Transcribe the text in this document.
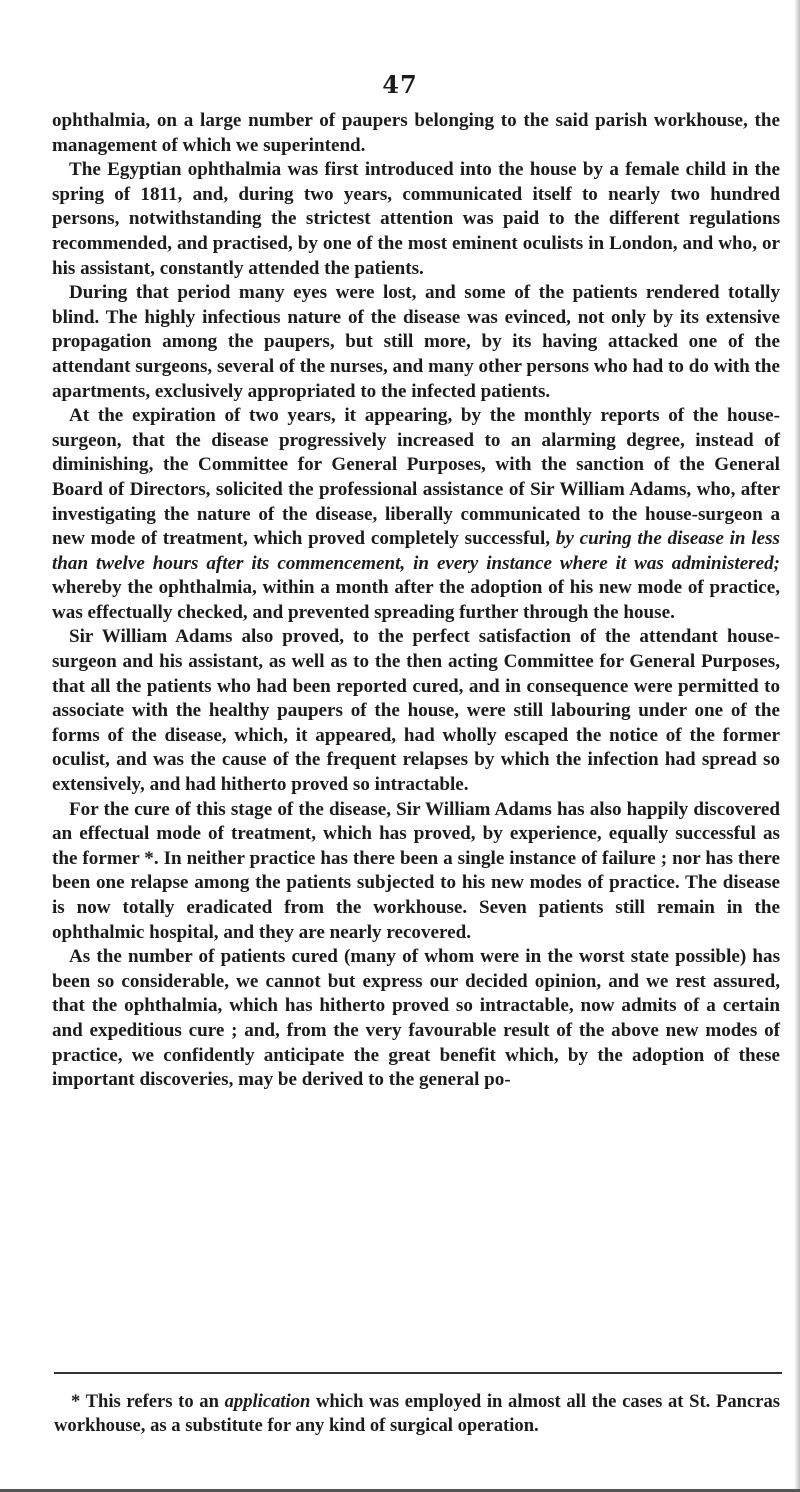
47

ophthalmia, on a large number of paupers belonging to the said parish workhouse, the management of which we superintend.

The Egyptian ophthalmia was first introduced into the house by a female child in the spring of 1811, and, during two years, communicated itself to nearly two hundred persons, notwithstanding the strictest attention was paid to the different regulations recommended, and practised, by one of the most eminent oculists in London, and who, or his assistant, constantly attended the patients.

During that period many eyes were lost, and some of the patients rendered totally blind. The highly infectious nature of the disease was evinced, not only by its extensive propagation among the paupers, but still more, by its having attacked one of the attendant surgeons, several of the nurses, and many other persons who had to do with the apartments, exclusively appropriated to the infected patients.

At the expiration of two years, it appearing, by the monthly reports of the house-surgeon, that the disease progressively increased to an alarming degree, instead of diminishing, the Committee for General Purposes, with the sanction of the General Board of Directors, solicited the professional assistance of Sir William Adams, who, after investigating the nature of the disease, liberally communicated to the house-surgeon a new mode of treatment, which proved completely successful, by curing the disease in less than twelve hours after its commencement, in every instance where it was administered; whereby the ophthalmia, within a month after the adoption of his new mode of practice, was effectually checked, and prevented spreading further through the house.

Sir William Adams also proved, to the perfect satisfaction of the attendant house-surgeon and his assistant, as well as to the then acting Committee for General Purposes, that all the patients who had been reported cured, and in consequence were permitted to associate with the healthy paupers of the house, were still labouring under one of the forms of the disease, which, it appeared, had wholly escaped the notice of the former oculist, and was the cause of the frequent relapses by which the infection had spread so extensively, and had hitherto proved so intractable.

For the cure of this stage of the disease, Sir William Adams has also happily discovered an effectual mode of treatment, which has proved, by experience, equally successful as the former *. In neither practice has there been a single instance of failure ; nor has there been one relapse among the patients subjected to his new modes of practice. The disease is now totally eradicated from the workhouse. Seven patients still remain in the ophthalmic hospital, and they are nearly recovered.

As the number of patients cured (many of whom were in the worst state possible) has been so considerable, we cannot but express our decided opinion, and we rest assured, that the ophthalmia, which has hitherto proved so intractable, now admits of a certain and expeditious cure ; and, from the very favourable result of the above new modes of practice, we confidently anticipate the great benefit which, by the adoption of these important discoveries, may be derived to the general po-

* This refers to an application which was employed in almost all the cases at St. Pancras workhouse, as a substitute for any kind of surgical operation.
